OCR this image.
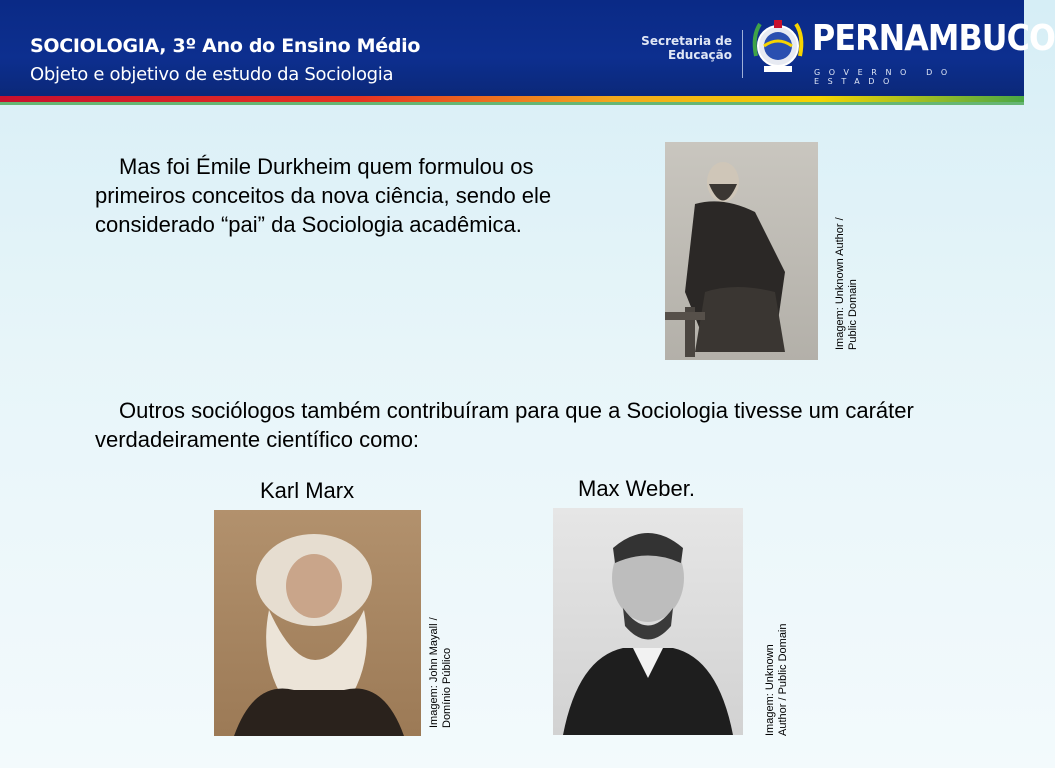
SOCIOLOGIA, 3º Ano do Ensino Médio
Objeto e objetivo de estudo da Sociologia
Secretaria de
Educação PERNAMBUCO
GOVERNO DO ESTADO
Mas foi Émile Durkheim quem formulou os primeiros conceitos da nova ciência, sendo ele considerado “pai” da Sociologia acadêmica.	Imagem: Unknown Author / Public Domain
Outros sociólogos também contribuíram para que a Sociologia tivesse um caráter verdadeiramente científico como:
Karl Marx	Max Weber.
Imagem: John Mayall / Domínio Público	Imagem: Unknown Author / Public Domain
